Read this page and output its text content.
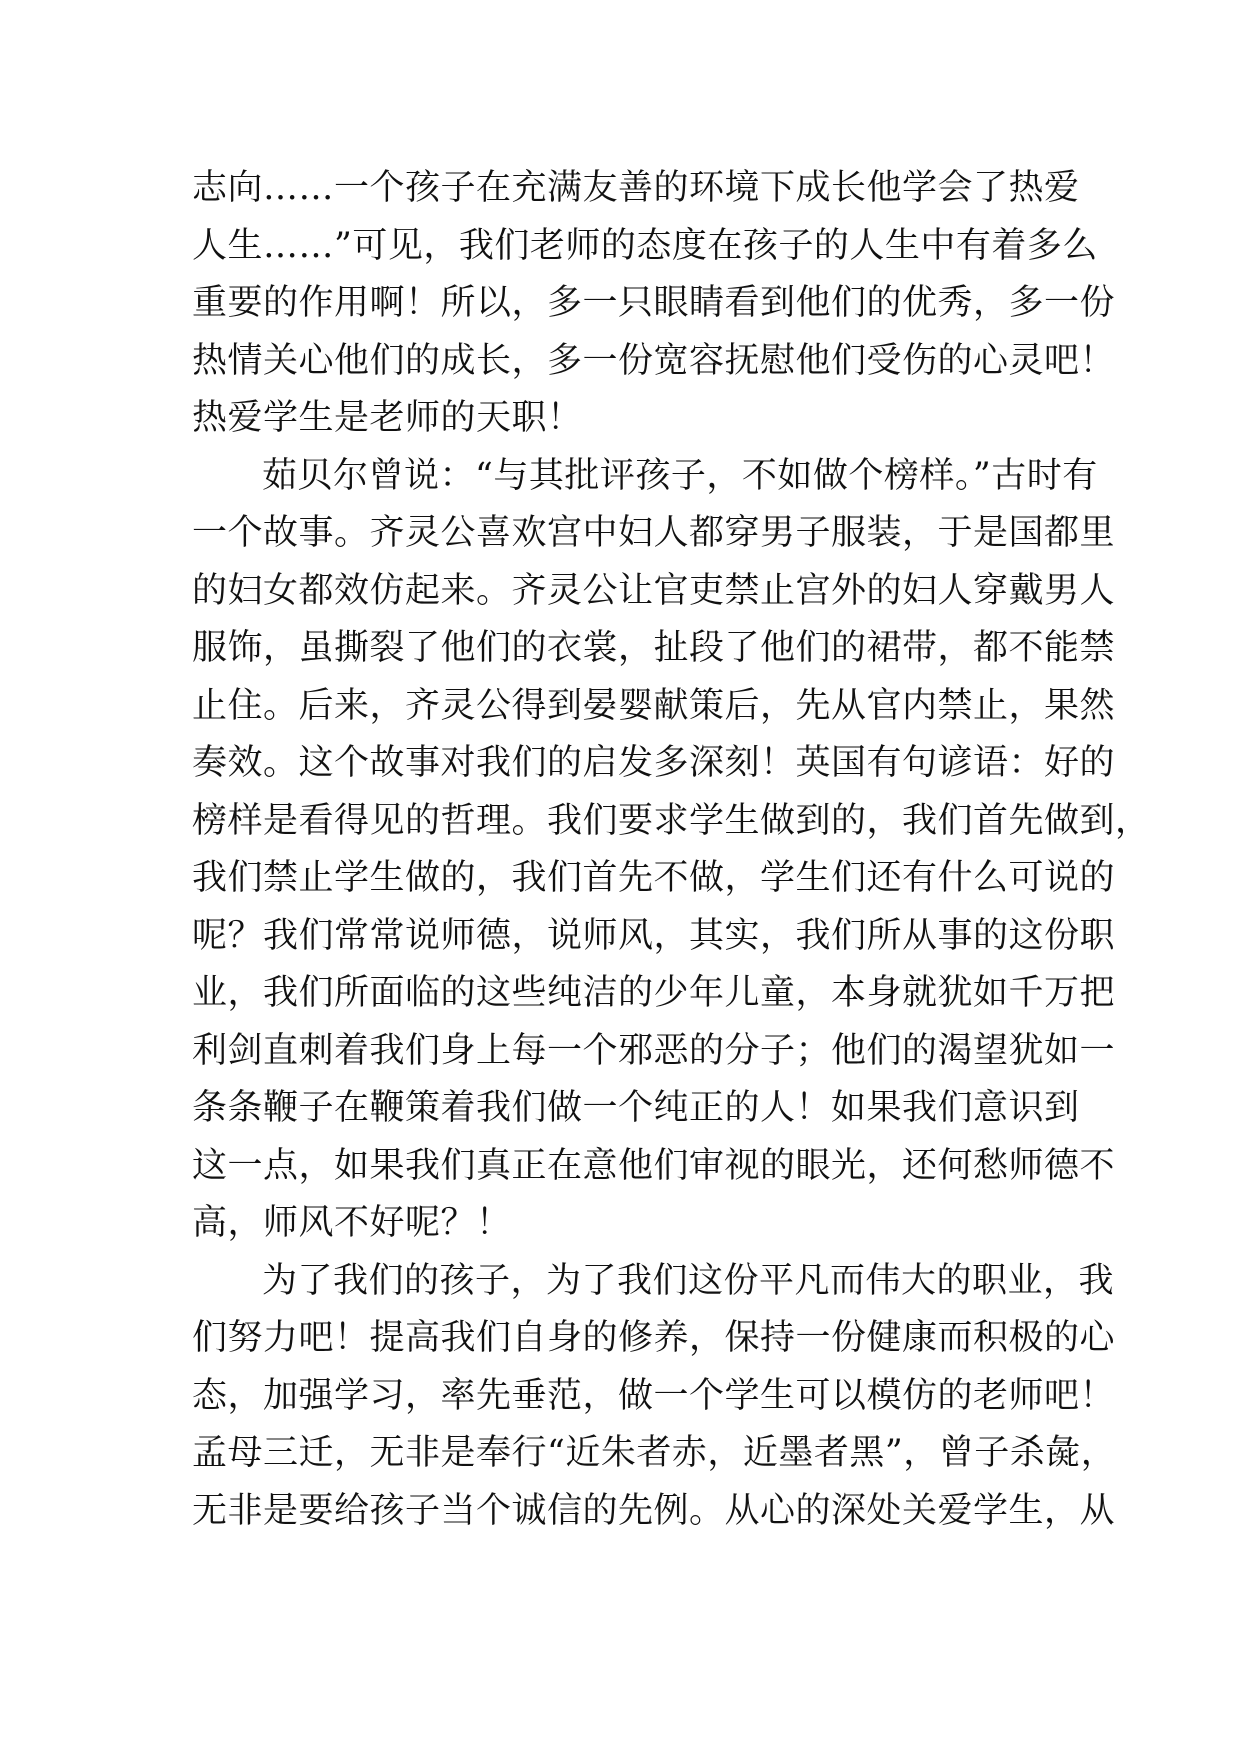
志向……一个孩子在充满友善的环境下成长他学会了热爱
人生……”可见，我们老师的态度在孩子的人生中有着多么
重要的作用啊！所以，多一只眼睛看到他们的优秀，多一份
热情关心他们的成长，多一份宽容抚慰他们受伤的心灵吧！
热爱学生是老师的天职！
茹贝尔曾说：“与其批评孩子，不如做个榜样。”古时有
一个故事。齐灵公喜欢宫中妇人都穿男子服装，于是国都里
的妇女都效仿起来。齐灵公让官吏禁止宫外的妇人穿戴男人
服饰，虽撕裂了他们的衣裳，扯段了他们的裙带，都不能禁
止住。后来，齐灵公得到晏婴献策后，先从官内禁止，果然
奏效。这个故事对我们的启发多深刻！英国有句谚语：好的
榜样是看得见的哲理。我们要求学生做到的，我们首先做到，
我们禁止学生做的，我们首先不做，学生们还有什么可说的
呢？我们常常说师德，说师风，其实，我们所从事的这份职
业，我们所面临的这些纯洁的少年儿童，本身就犹如千万把
利剑直刺着我们身上每一个邪恶的分子；他们的渴望犹如一
条条鞭子在鞭策着我们做一个纯正的人！如果我们意识到
这一点，如果我们真正在意他们审视的眼光，还何愁师德不
高，师风不好呢？！
为了我们的孩子，为了我们这份平凡而伟大的职业，我
们努力吧！提高我们自身的修养，保持一份健康而积极的心
态，加强学习，率先垂范，做一个学生可以模仿的老师吧！
孟母三迁，无非是奉行“近朱者赤，近墨者黑”，曾子杀彘，
无非是要给孩子当个诚信的先例。从心的深处关爱学生，从
